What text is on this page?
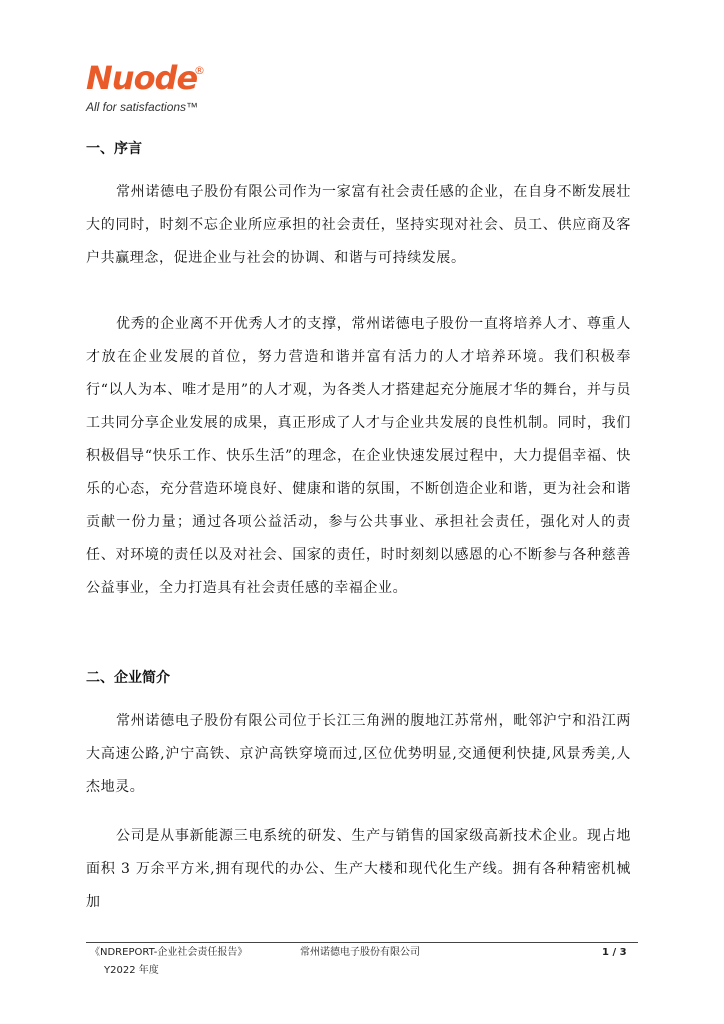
Nuode
®
All for satisfactions™
一、序言

常州诺德电子股份有限公司作为一家富有社会责任感的企业，在自身不断发展壮大的同时，时刻不忘企业所应承担的社会责任，坚持实现对社会、员工、供应商及客户共赢理念，促进企业与社会的协调、和谐与可持续发展。

优秀的企业离不开优秀人才的支撑，常州诺德电子股份一直将培养人才、尊重人才放在企业发展的首位，努力营造和谐并富有活力的人才培养环境。我们积极奉行“以人为本、唯才是用”的人才观，为各类人才搭建起充分施展才华的舞台，并与员工共同分享企业发展的成果，真正形成了人才与企业共发展的良性机制。同时，我们积极倡导“快乐工作、快乐生活”的理念，在企业快速发展过程中，大力提倡幸福、快乐的心态，充分营造环境良好、健康和谐的氛围，不断创造企业和谐，更为社会和谐贡献一份力量；通过各项公益活动，参与公共事业、承担社会责任，强化对人的责任、对环境的责任以及对社会、国家的责任，时时刻刻以感恩的心不断参与各种慈善公益事业，全力打造具有社会责任感的幸福企业。

二、企业简介

常州诺德电子股份有限公司位于长江三角洲的腹地江苏常州，毗邻沪宁和沿江两大高速公路,沪宁高铁、京沪高铁穿境而过,区位优势明显,交通便利快捷,风景秀美,人杰地灵。

公司是从事新能源三电系统的研发、生产与销售的国家级高新技术企业。现占地面积 3 万余平方米,拥有现代的办公、生产大楼和现代化生产线。拥有各种精密机械加

《NDREPORT-企业社会责任报告》
Y2022 年度
常州诺德电子股份有限公司	1 / 3
